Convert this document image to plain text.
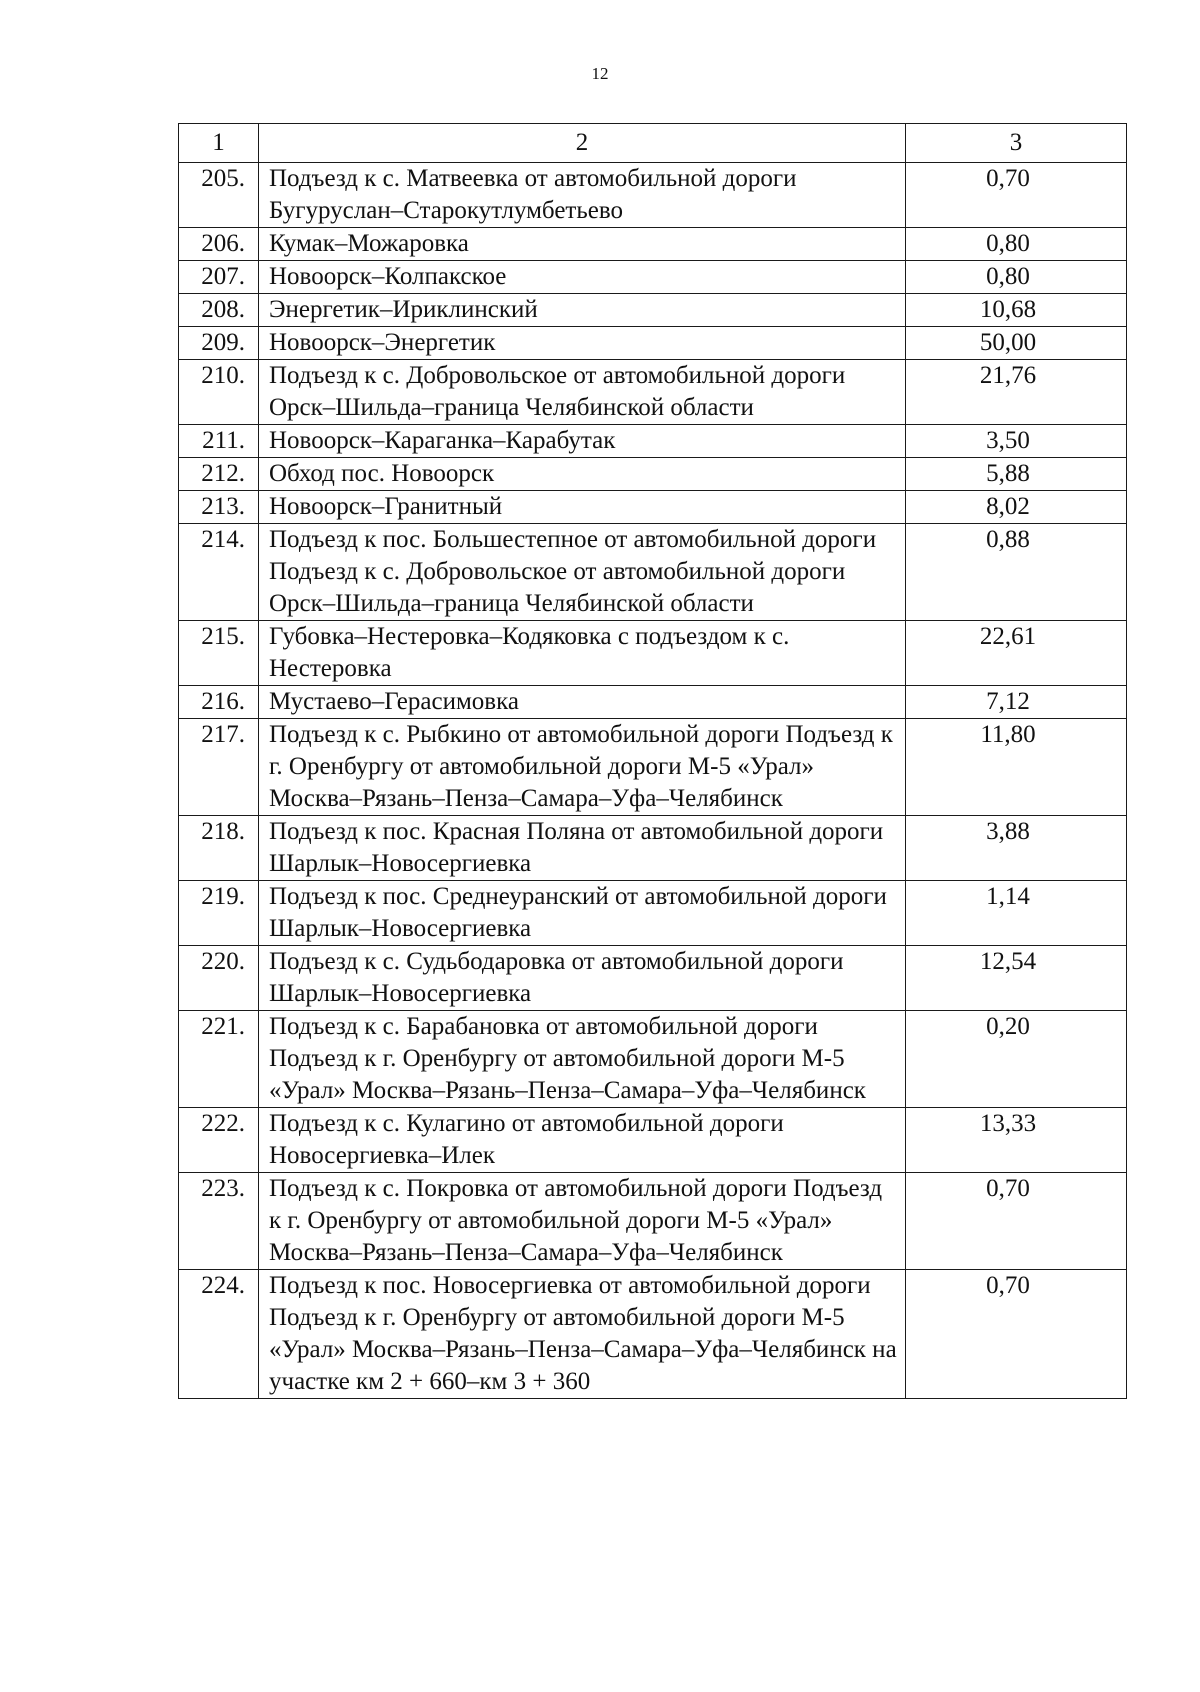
12
1	2	3
205.	Подъезд к с. Матвеевка от автомобильной дороги Бугуруслан–Старокутлумбетьево	0,70
206.	Кумак–Можаровка	0,80
207.	Новоорск–Колпакское	0,80
208.	Энергетик–Ириклинский	10,68
209.	Новоорск–Энергетик	50,00
210.	Подъезд к с. Добровольское от автомобильной дороги Орск–Шильда–граница Челябинской области	21,76
211.	Новоорск–Караганка–Карабутак	3,50
212.	Обход пос. Новоорск	5,88
213.	Новоорск–Гранитный	8,02
214.	Подъезд к пос. Большестепное от автомобильной дороги Подъезд к с. Добровольское от автомобильной дороги Орск–Шильда–граница Челябинской области	0,88
215.	Губовка–Нестеровка–Кодяковка с подъездом к с. Нестеровка	22,61
216.	Мустаево–Герасимовка	7,12
217.	Подъезд к с. Рыбкино от автомобильной дороги Подъезд к г. Оренбургу от автомобильной дороги М-5 «Урал» Москва–Рязань–Пенза–Самара–Уфа–Челябинск	11,80
218.	Подъезд к пос. Красная Поляна от автомобильной дороги Шарлык–Новосергиевка	3,88
219.	Подъезд к пос. Среднеуранский от автомобильной дороги Шарлык–Новосергиевка	1,14
220.	Подъезд к с. Судьбодаровка от автомобильной дороги Шарлык–Новосергиевка	12,54
221.	Подъезд к с. Барабановка от автомобильной дороги Подъезд к г. Оренбургу от автомобильной дороги М-5 «Урал» Москва–Рязань–Пенза–Самара–Уфа–Челябинск	0,20
222.	Подъезд к с. Кулагино от автомобильной дороги Новосергиевка–Илек	13,33
223.	Подъезд к с. Покровка от автомобильной дороги Подъезд к г. Оренбургу от автомобильной дороги М-5 «Урал» Москва–Рязань–Пенза–Самара–Уфа–Челябинск	0,70
224.	Подъезд к пос. Новосергиевка от автомобильной дороги Подъезд к г. Оренбургу от автомобильной дороги М-5 «Урал» Москва–Рязань–Пенза–Самара–Уфа–Челябинск на участке км 2 + 660–км 3 + 360	0,70
